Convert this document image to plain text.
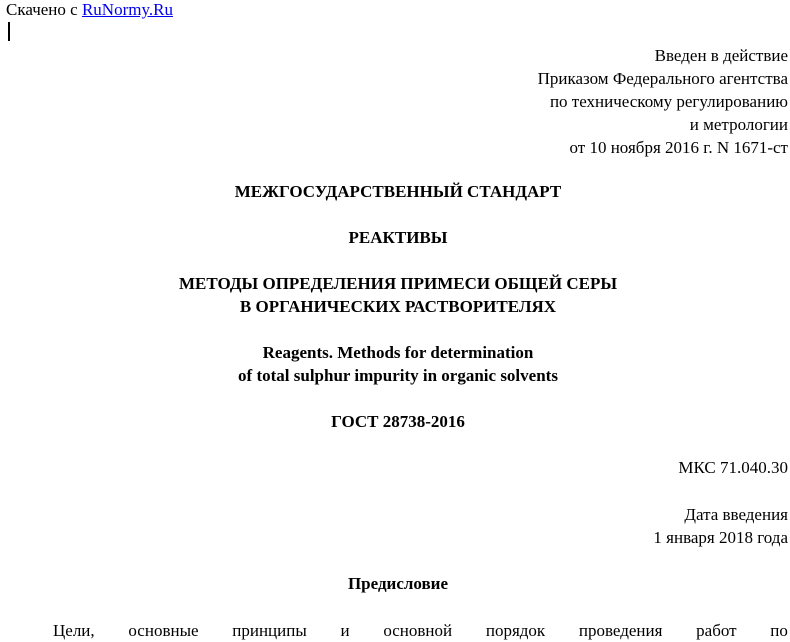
Скачено с RuNormy.Ru
Введен в действие
Приказом Федерального агентства
по техническому регулированию
и метрологии
от 10 ноября 2016 г. N 1671-ст
МЕЖГОСУДАРСТВЕННЫЙ СТАНДАРТ
РЕАКТИВЫ
МЕТОДЫ ОПРЕДЕЛЕНИЯ ПРИМЕСИ ОБЩЕЙ СЕРЫ
В ОРГАНИЧЕСКИХ РАСТВОРИТЕЛЯХ
Reagents. Methods for determination
of total sulphur impurity in organic solvents
ГОСТ 28738-2016
МКС 71.040.30
Дата введения
1 января 2018 года
Предисловие
Цели, основные принципы и основной порядок проведения работ по
